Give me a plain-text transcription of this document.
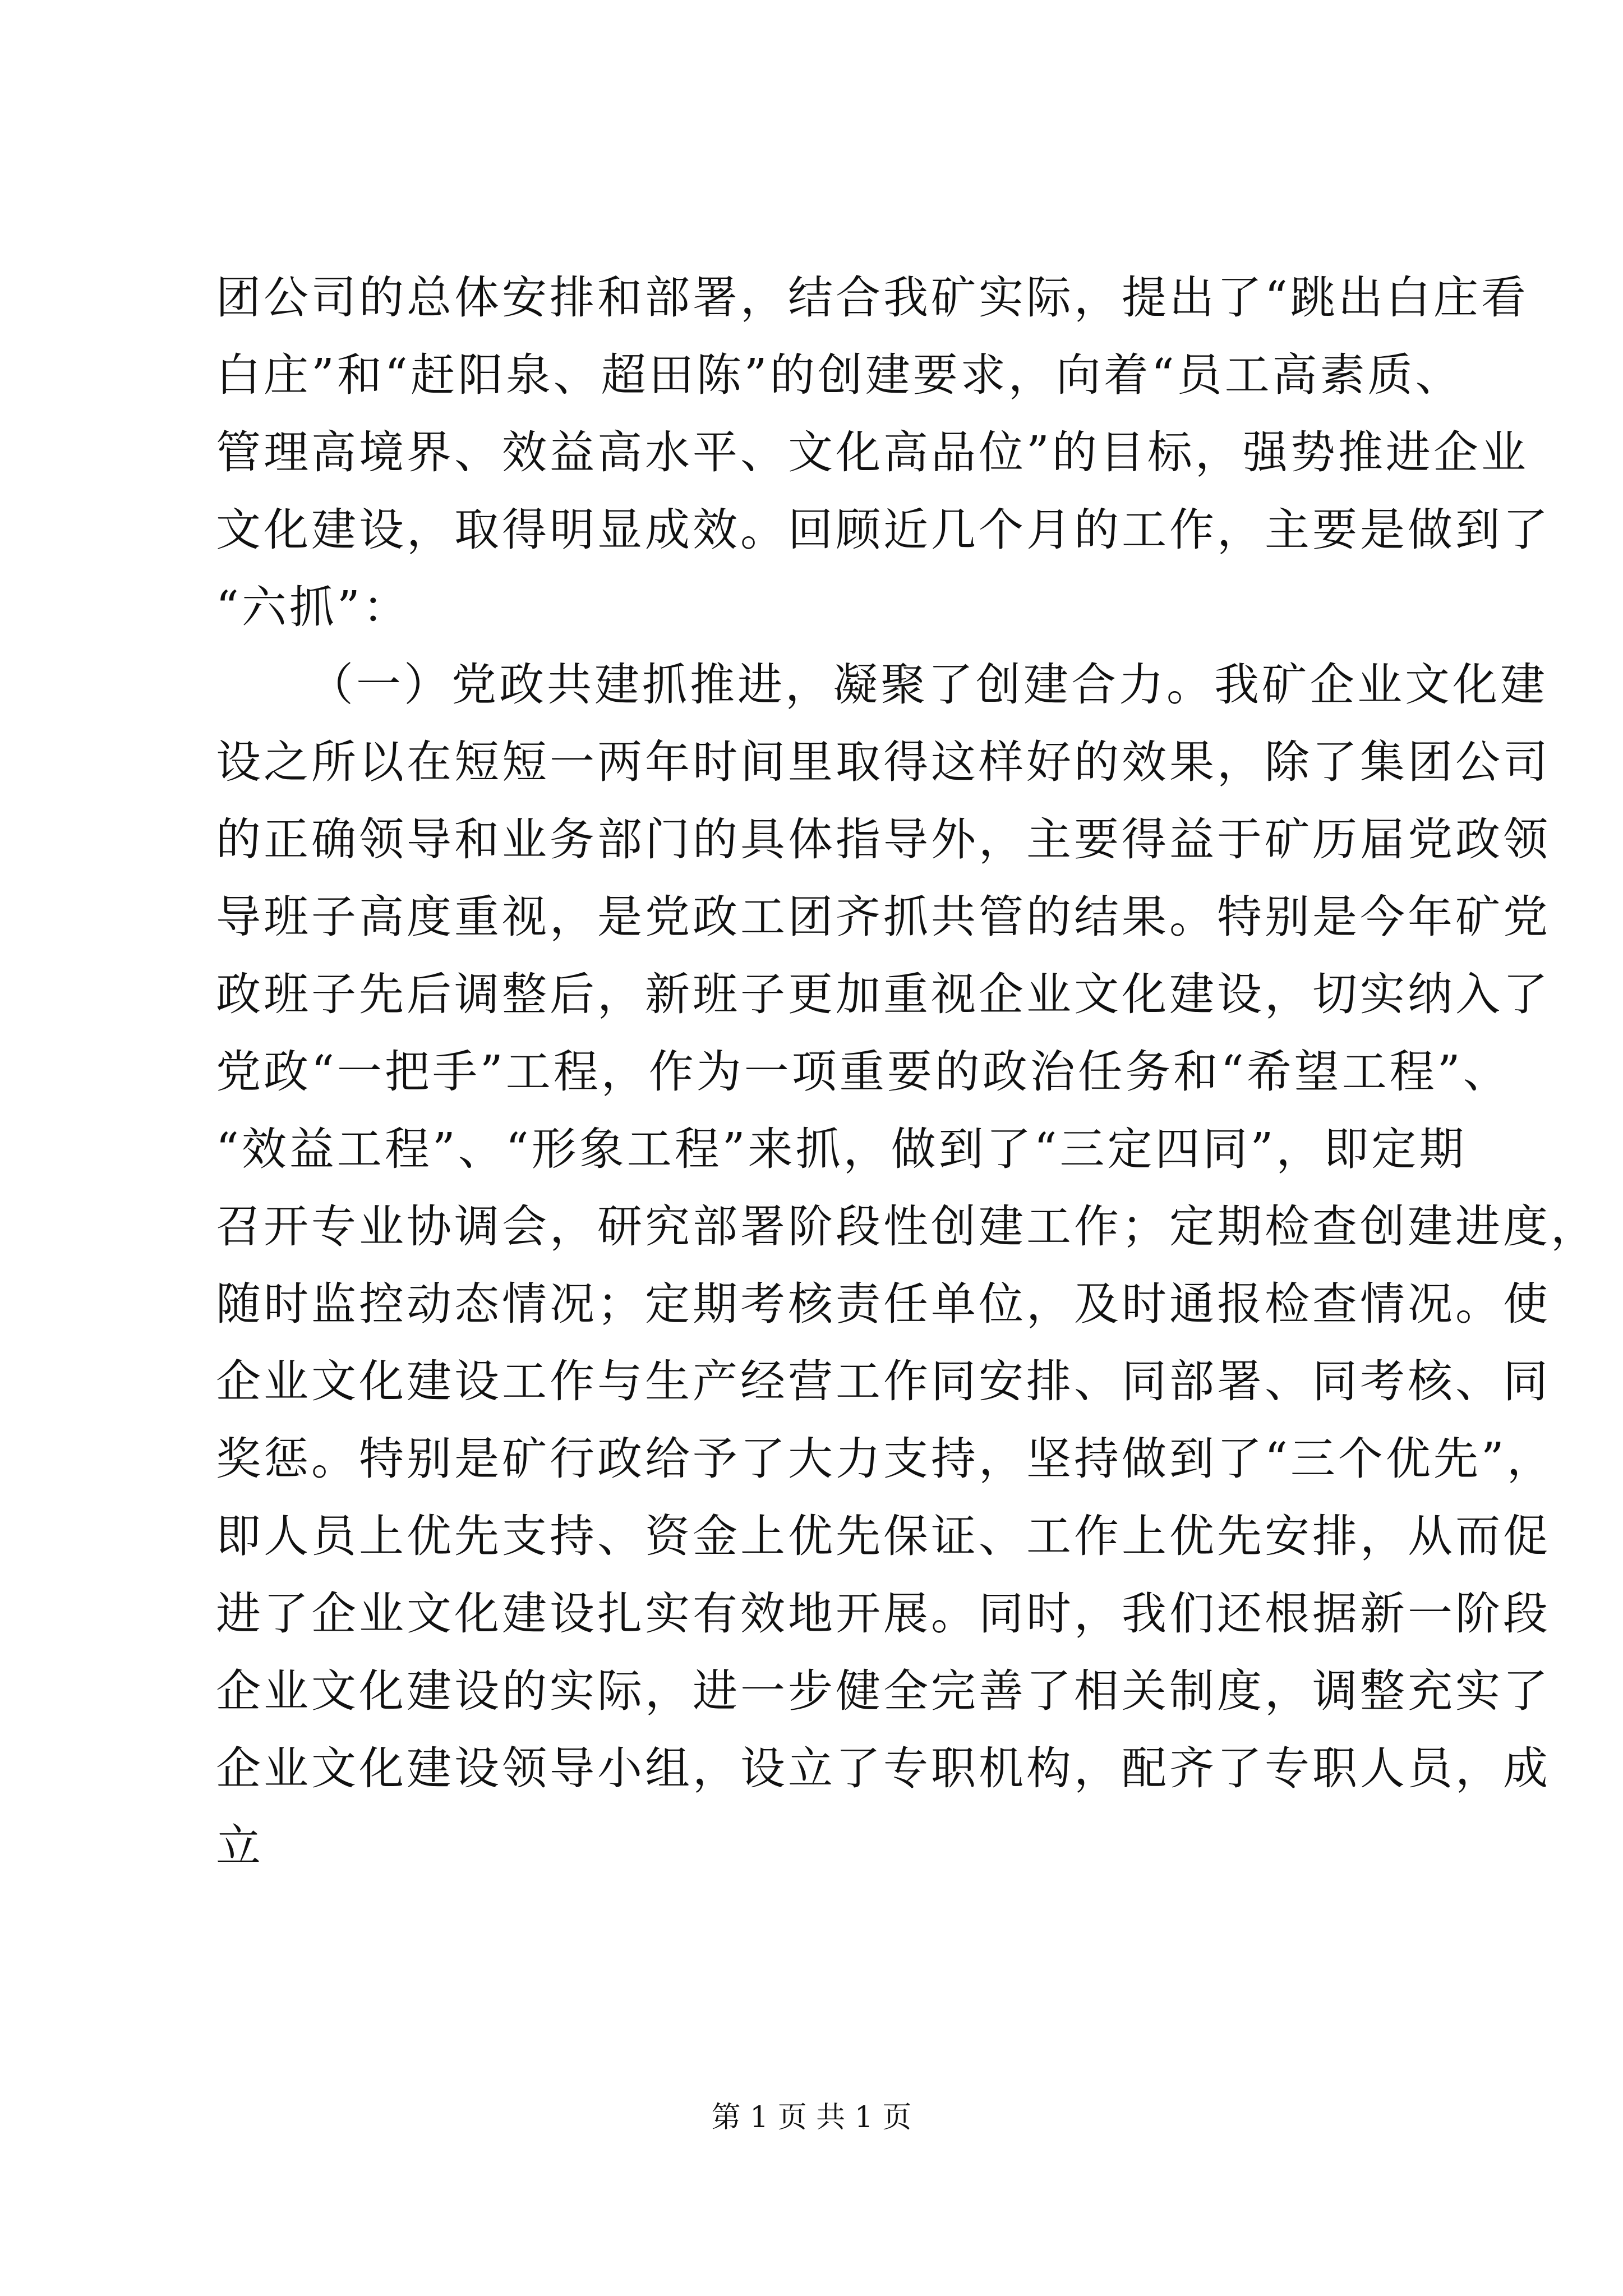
团公司的总体安排和部署，结合我矿实际，提出了“跳出白庄看

白庄”和“赶阳泉、超田陈”的创建要求，向着“员工高素质、

管理高境界、效益高水平、文化高品位”的目标，强势推进企业

文化建设，取得明显成效。回顾近几个月的工作，主要是做到了

“六抓”：

（一）党政共建抓推进，凝聚了创建合力。我矿企业文化建

设之所以在短短一两年时间里取得这样好的效果，除了集团公司

的正确领导和业务部门的具体指导外，主要得益于矿历届党政领

导班子高度重视，是党政工团齐抓共管的结果。特别是今年矿党

政班子先后调整后，新班子更加重视企业文化建设，切实纳入了

党政“一把手”工程，作为一项重要的政治任务和“希望工程”、

“效益工程”、“形象工程”来抓，做到了“三定四同”，即定期

召开专业协调会，研究部署阶段性创建工作；定期检查创建进度，

随时监控动态情况；定期考核责任单位，及时通报检查情况。使

企业文化建设工作与生产经营工作同安排、同部署、同考核、同

奖惩。特别是矿行政给予了大力支持，坚持做到了“三个优先”，

即人员上优先支持、资金上优先保证、工作上优先安排，从而促

进了企业文化建设扎实有效地开展。同时，我们还根据新一阶段

企业文化建设的实际，进一步健全完善了相关制度，调整充实了

企业文化建设领导小组，设立了专职机构，配齐了专职人员，成

立

第 1 页 共 1 页
